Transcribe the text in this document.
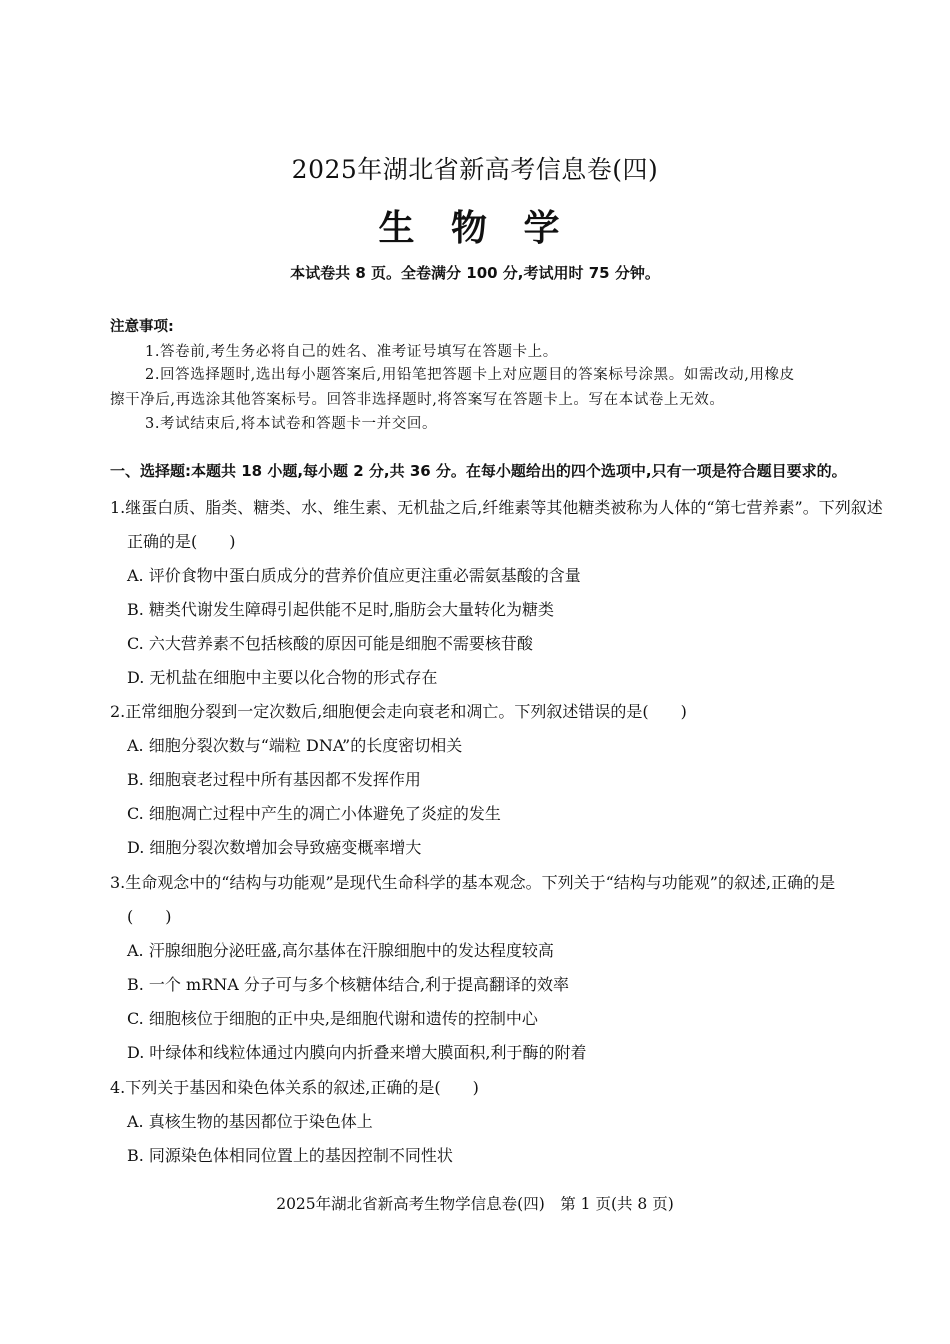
2025年湖北省新高考信息卷(四)
生 物 学
本试卷共 8 页。全卷满分 100 分,考试用时 75 分钟。
注意事项:
1.答卷前,考生务必将自己的姓名、准考证号填写在答题卡上。
2.回答选择题时,选出每小题答案后,用铅笔把答题卡上对应题目的答案标号涂黑。如需改动,用橡皮
擦干净后,再选涂其他答案标号。回答非选择题时,将答案写在答题卡上。写在本试卷上无效。
3.考试结束后,将本试卷和答题卡一并交回。
一、选择题:本题共 18 小题,每小题 2 分,共 36 分。在每小题给出的四个选项中,只有一项是符合题目要求的。
1.继蛋白质、脂类、糖类、水、维生素、无机盐之后,纤维素等其他糖类被称为人体的“第七营养素”。下列叙述
正确的是(　　)
A. 评价食物中蛋白质成分的营养价值应更注重必需氨基酸的含量
B. 糖类代谢发生障碍引起供能不足时,脂肪会大量转化为糖类
C. 六大营养素不包括核酸的原因可能是细胞不需要核苷酸
D. 无机盐在细胞中主要以化合物的形式存在
2.正常细胞分裂到一定次数后,细胞便会走向衰老和凋亡。下列叙述错误的是(　　)
A. 细胞分裂次数与“端粒 DNA”的长度密切相关
B. 细胞衰老过程中所有基因都不发挥作用
C. 细胞凋亡过程中产生的凋亡小体避免了炎症的发生
D. 细胞分裂次数增加会导致癌变概率增大
3.生命观念中的“结构与功能观”是现代生命科学的基本观念。下列关于“结构与功能观”的叙述,正确的是
(　　)
A. 汗腺细胞分泌旺盛,高尔基体在汗腺细胞中的发达程度较高
B. 一个 mRNA 分子可与多个核糖体结合,利于提高翻译的效率
C. 细胞核位于细胞的正中央,是细胞代谢和遗传的控制中心
D. 叶绿体和线粒体通过内膜向内折叠来增大膜面积,利于酶的附着
4.下列关于基因和染色体关系的叙述,正确的是(　　)
A. 真核生物的基因都位于染色体上
B. 同源染色体相同位置上的基因控制不同性状
2025年湖北省新高考生物学信息卷(四)　第 1 页(共 8 页)
